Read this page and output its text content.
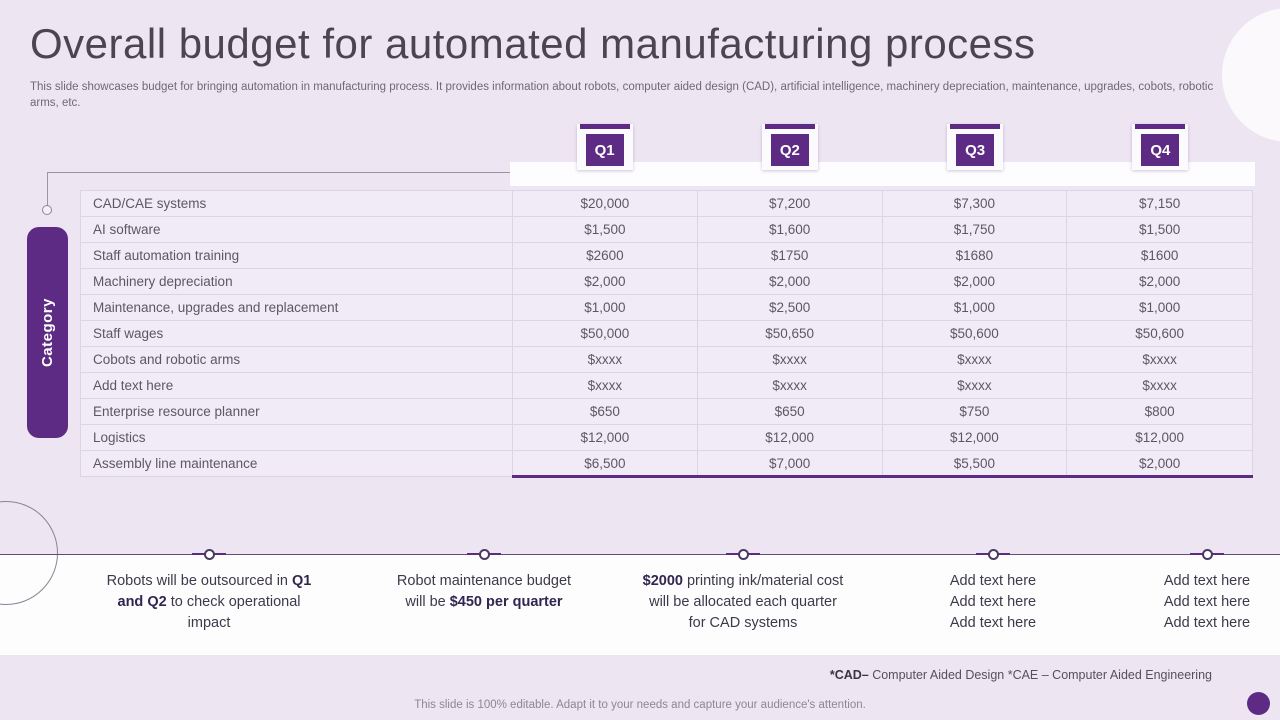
Overall budget for automated manufacturing process

This slide showcases budget for bringing automation in manufacturing process. It provides information about robots, computer aided design (CAD), artificial intelligence, machinery depreciation, maintenance, upgrades, cobots, robotic arms, etc.

Q1	Q2	Q3	Q4
Category
CAD/CAE systems	$20,000	$7,200	$7,300	$7,150
AI software	$1,500	$1,600	$1,750	$1,500
Staff automation training	$2600	$1750	$1680	$1600
Machinery depreciation	$2,000	$2,000	$2,000	$2,000
Maintenance, upgrades and replacement	$1,000	$2,500	$1,000	$1,000
Staff wages	$50,000	$50,650	$50,600	$50,600
Cobots and robotic arms	$xxxx	$xxxx	$xxxx	$xxxx
Add text here	$xxxx	$xxxx	$xxxx	$xxxx
Enterprise resource planner	$650	$650	$750	$800
Logistics	$12,000	$12,000	$12,000	$12,000
Assembly line maintenance	$6,500	$7,000	$5,500	$2,000
Robots will be outsourced in Q1 and Q2 to check operational impact
Robot maintenance budget will be $450 per quarter
$2000 printing ink/material cost will be allocated each quarter for CAD systems
Add text here
Add text here
Add text here
Add text here
Add text here
Add text here
*CAD– Computer Aided Design *CAE – Computer Aided Engineering
This slide is 100% editable. Adapt it to your needs and capture your audience's attention.
